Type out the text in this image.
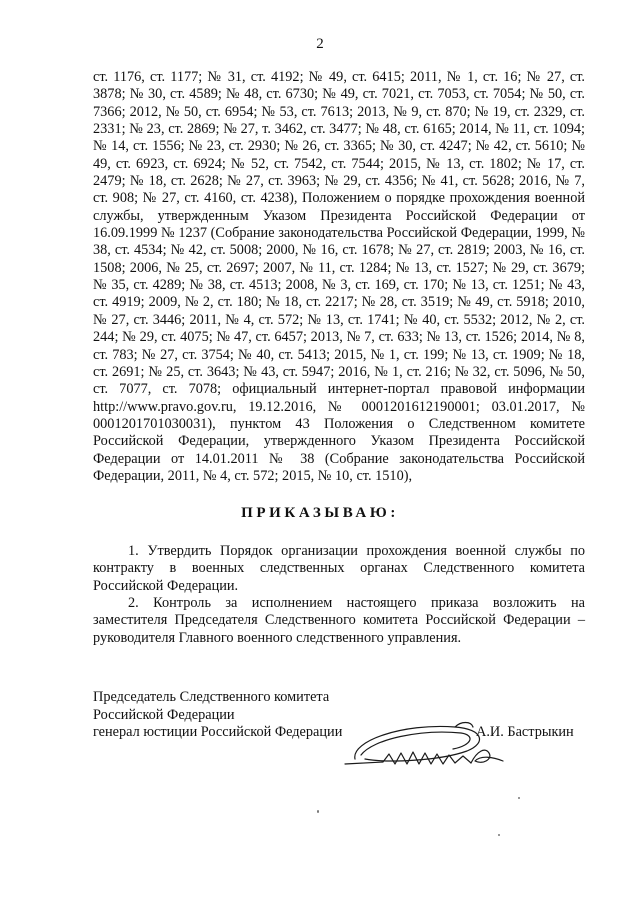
2
ст. 1176, ст. 1177; № 31, ст. 4192; № 49, ст. 6415; 2011, № 1, ст. 16; № 27, ст. 3878; № 30, ст. 4589; № 48, ст. 6730; № 49, ст. 7021, ст. 7053, ст. 7054; № 50, ст. 7366; 2012, № 50, ст. 6954; № 53, ст. 7613; 2013, № 9, ст. 870; № 19, ст. 2329, ст. 2331; № 23, ст. 2869; № 27, т. 3462, ст. 3477; № 48, ст. 6165; 2014, № 11, ст. 1094; № 14, ст. 1556; № 23, ст. 2930; № 26, ст. 3365; № 30, ст. 4247; № 42, ст. 5610; № 49, ст. 6923, ст. 6924; № 52, ст. 7542, ст. 7544; 2015, № 13, ст. 1802; № 17, ст. 2479; № 18, ст. 2628; № 27, ст. 3963; № 29, ст. 4356; № 41, ст. 5628; 2016, № 7, ст. 908; № 27, ст. 4160, ст. 4238), Положением о порядке прохождения военной службы, утвержденным Указом Президента Российской Федерации от 16.09.1999 № 1237 (Собрание законодательства Российской Федерации, 1999, № 38, ст. 4534; № 42, ст. 5008; 2000, № 16, ст. 1678; № 27, ст. 2819; 2003, № 16, ст. 1508; 2006, № 25, ст. 2697; 2007, № 11, ст. 1284; № 13, ст. 1527; № 29, ст. 3679; № 35, ст. 4289; № 38, ст. 4513; 2008, № 3, ст. 169, ст. 170; № 13, ст. 1251; № 43, ст. 4919; 2009, № 2, ст. 180; № 18, ст. 2217; № 28, ст. 3519; № 49, ст. 5918; 2010, № 27, ст. 3446; 2011, № 4, ст. 572; № 13, ст. 1741; № 40, ст. 5532; 2012, № 2, ст. 244; № 29, ст. 4075; № 47, ст. 6457; 2013, № 7, ст. 633; № 13, ст. 1526; 2014, № 8, ст. 783; № 27, ст. 3754; № 40, ст. 5413; 2015, № 1, ст. 199; № 13, ст. 1909; № 18, ст. 2691; № 25, ст. 3643; № 43, ст. 5947; 2016, № 1, ст. 216; № 32, ст. 5096, № 50, ст. 7077, ст. 7078; официальный интернет-портал правовой информации http://www.pravo.gov.ru, 19.12.2016, № 0001201612190001; 03.01.2017, № 0001201701030031), пунктом 43 Положения о Следственном комитете Российской Федерации, утвержденного Указом Президента Российской Федерации от 14.01.2011 № 38 (Собрание законодательства Российской Федерации, 2011, № 4, ст. 572; 2015, № 10, ст. 1510),
ПРИКАЗЫВАЮ:

1. Утвердить Порядок организации прохождения военной службы по контракту в военных следственных органах Следственного комитета Российской Федерации.

2. Контроль за исполнением настоящего приказа возложить на заместителя Председателя Следственного комитета Российской Федерации – руководителя Главного военного следственного управления.

Председатель Следственного комитета
Российской Федерации
генерал юстиции Российской Федерации	А.И. Бастрыкин
